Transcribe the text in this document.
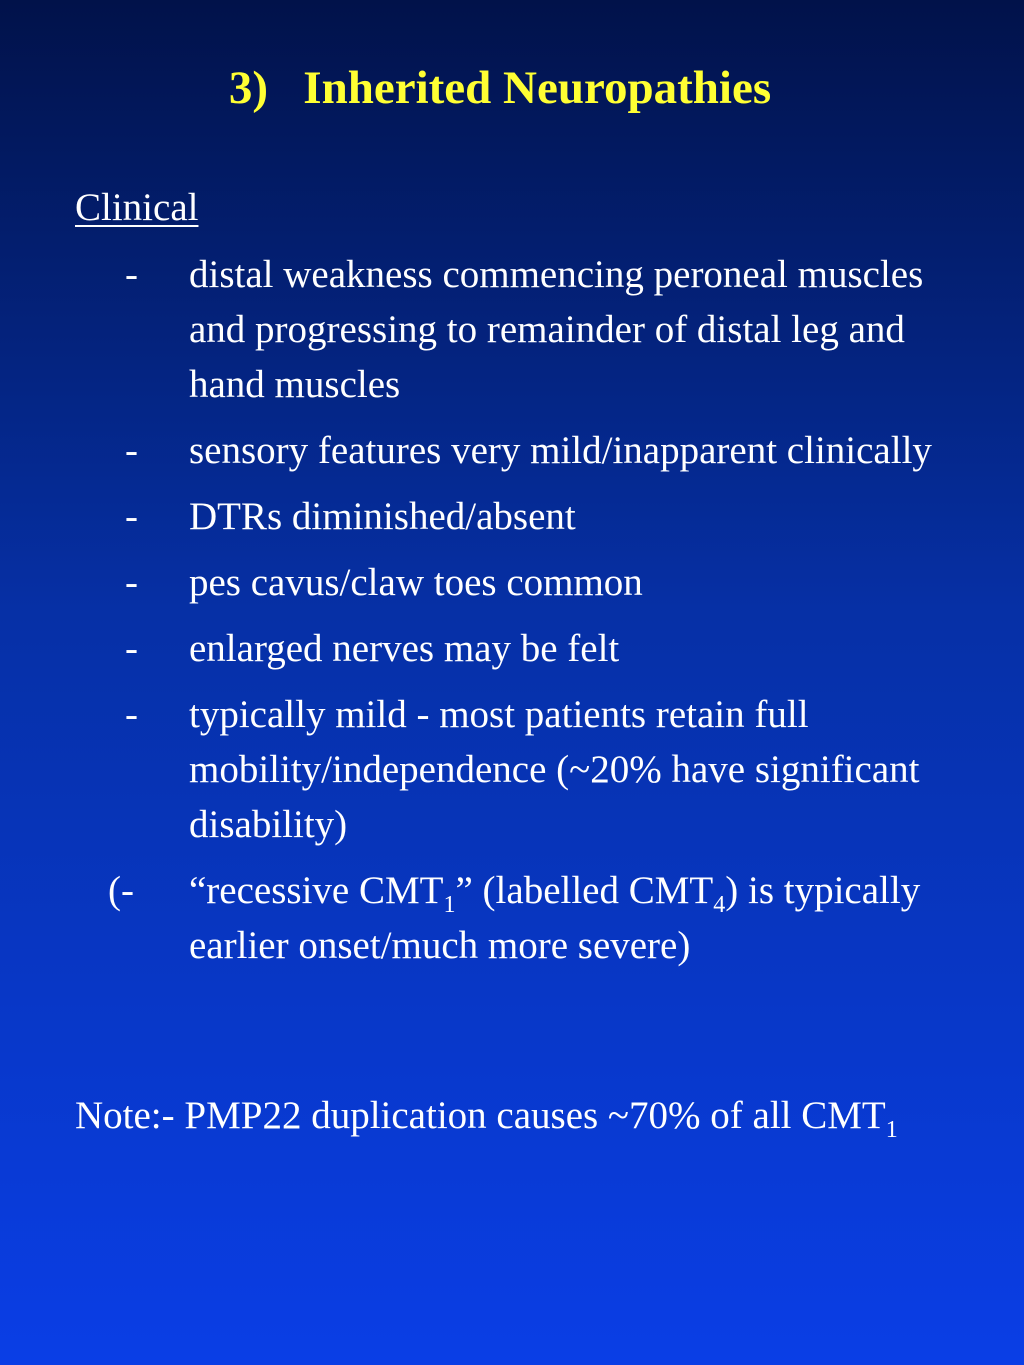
3)   Inherited Neuropathies
Clinical
- distal weakness commencing peroneal muscles and progressing to remainder of distal leg and hand muscles
- sensory features very mild/inapparent clinically
- DTRs diminished/absent
- pes cavus/claw toes common
- enlarged nerves may be felt
- typically mild - most patients retain full mobility/independence (~20% have significant disability)
(- “recessive $CMT_1$” (labelled $CMT_4$) is typically earlier onset/much more severe)
Note:- PMP22 duplication causes ~70% of all $CMT_1$
